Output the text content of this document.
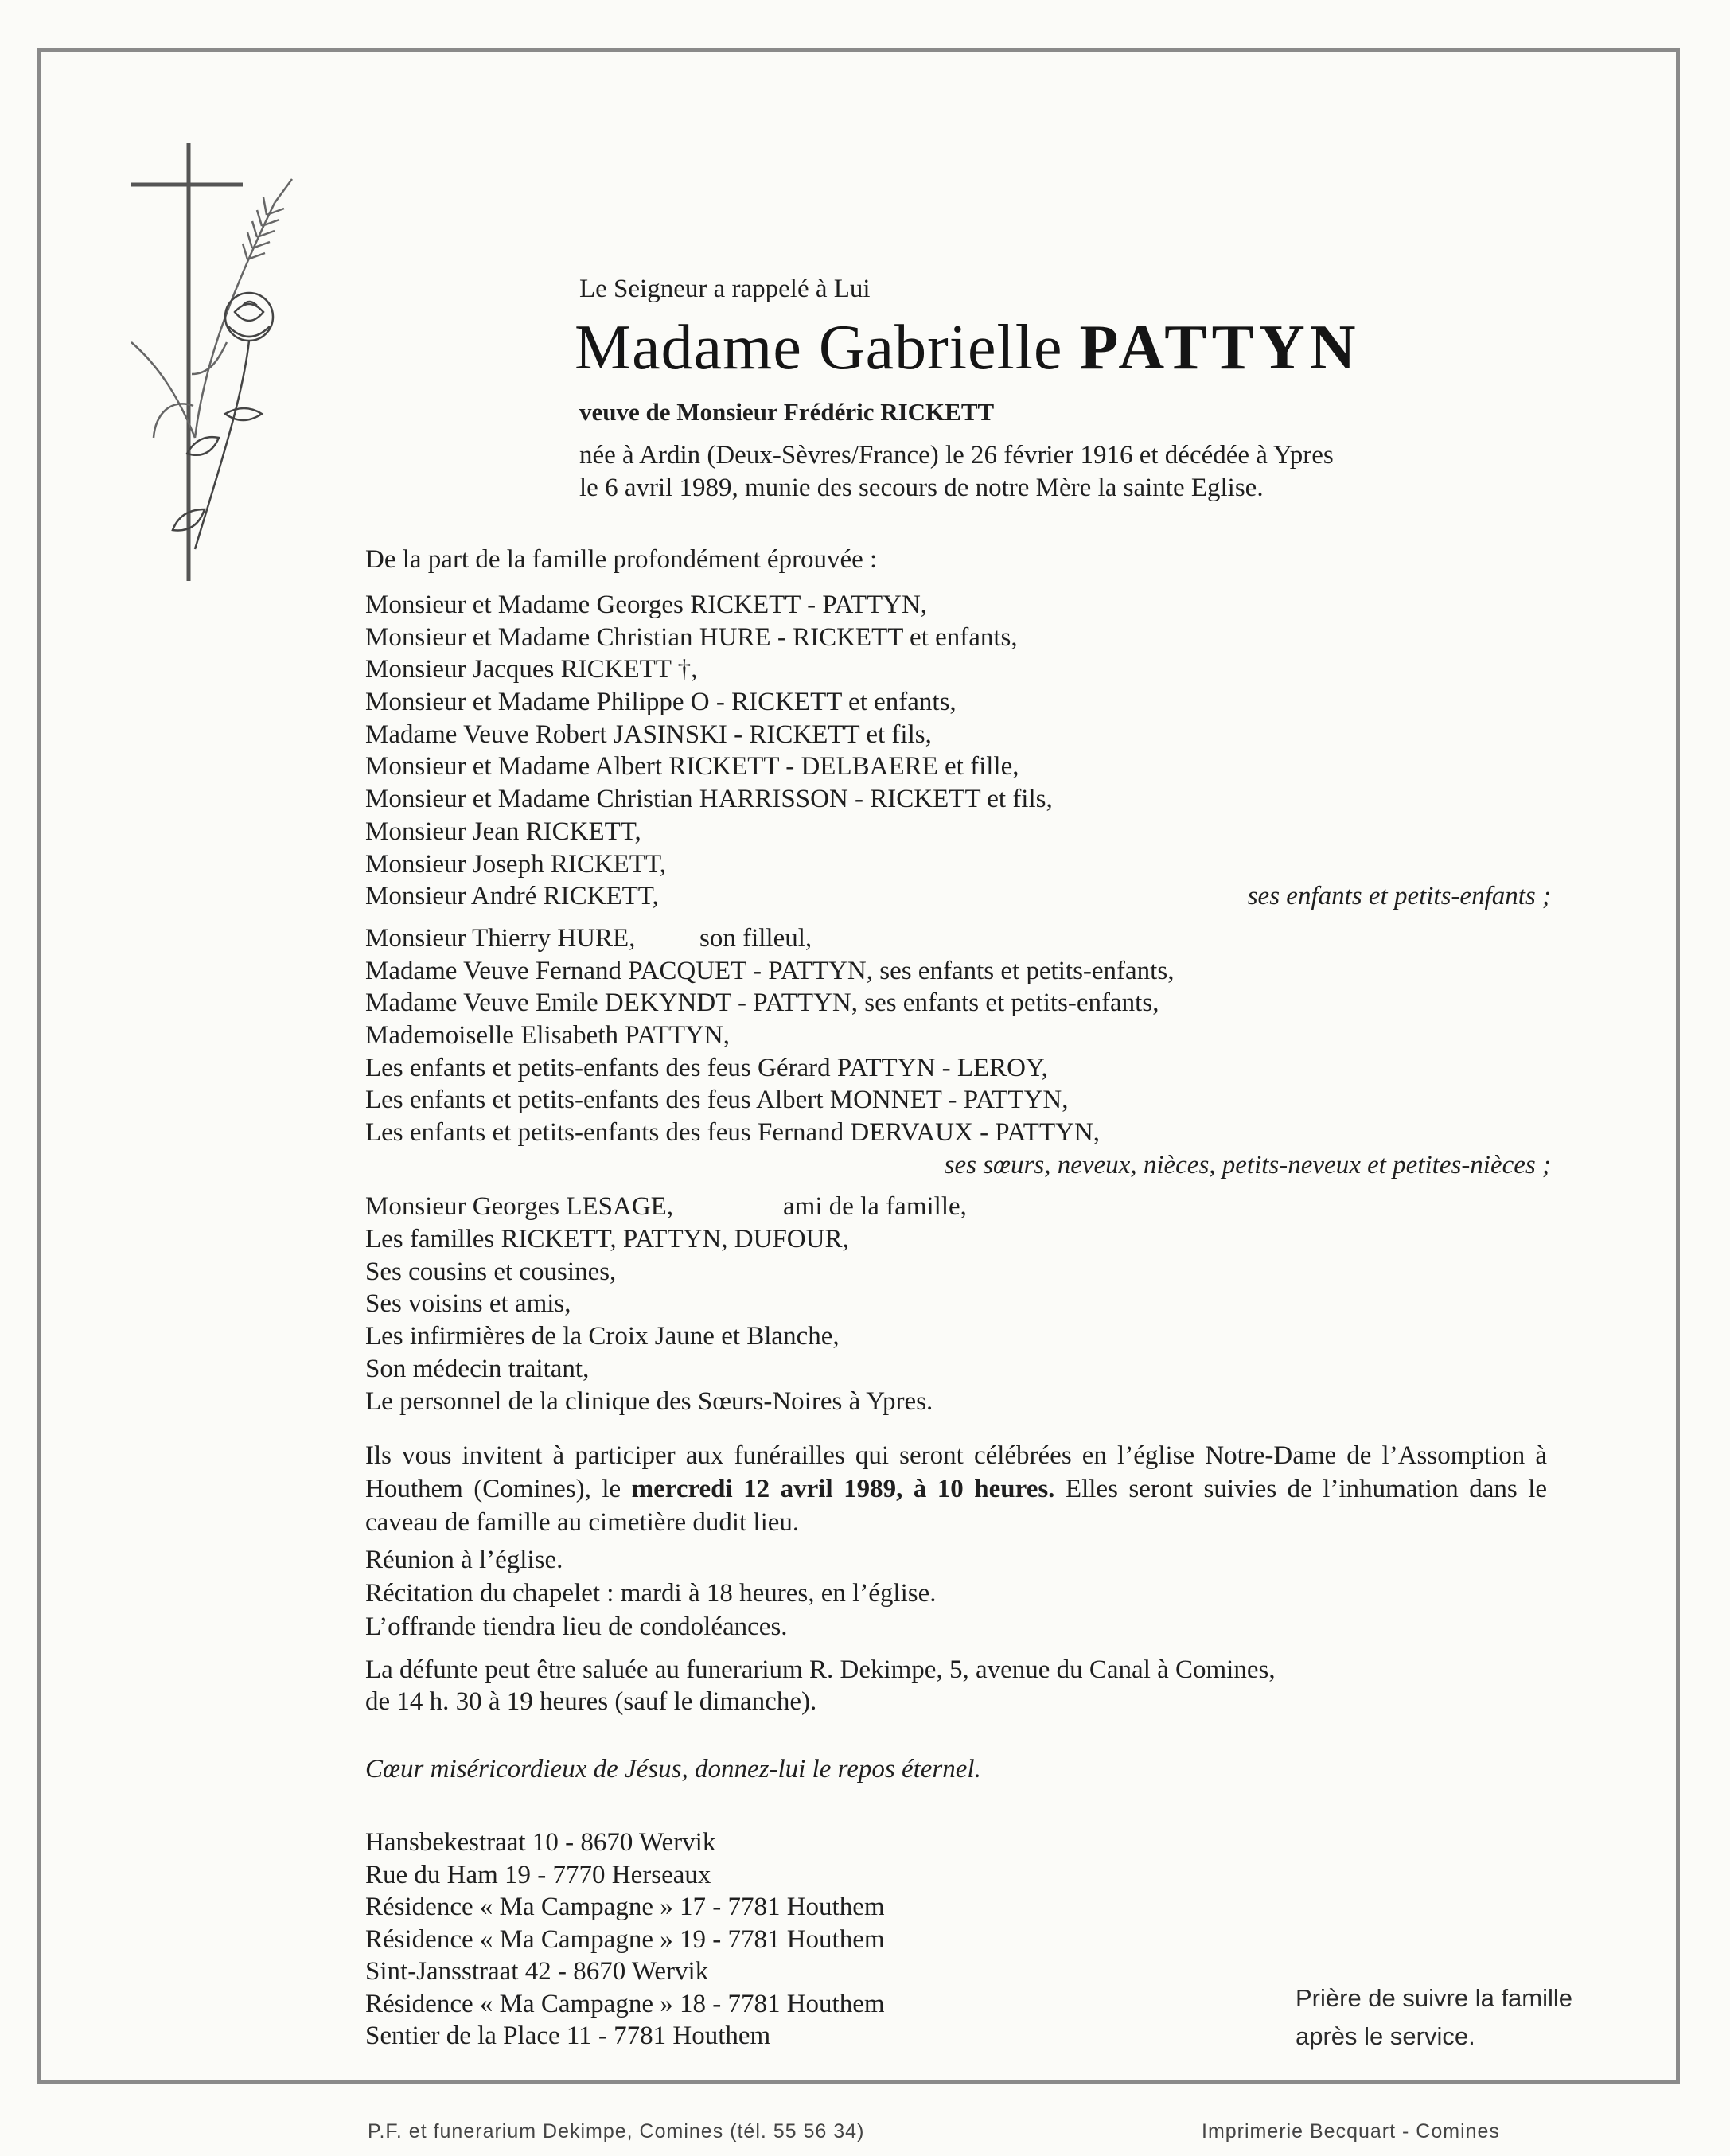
Le Seigneur a rappelé à Lui
Madame Gabrielle PATTYN
veuve de Monsieur Frédéric RICKETT
née à Ardin (Deux-Sèvres/France) le 26 février 1916 et décédée à Ypres
le 6 avril 1989, munie des secours de notre Mère la sainte Eglise.
De la part de la famille profondément éprouvée :
Monsieur et Madame Georges RICKETT - PATTYN,
Monsieur et Madame Christian HURE - RICKETT et enfants,
Monsieur Jacques RICKETT †,
Monsieur et Madame Philippe O - RICKETT et enfants,
Madame Veuve Robert JASINSKI - RICKETT et fils,
Monsieur et Madame Albert RICKETT - DELBAERE et fille,
Monsieur et Madame Christian HARRISSON - RICKETT et fils,
Monsieur Jean RICKETT,
Monsieur Joseph RICKETT,
Monsieur André RICKETT,	ses enfants et petits-enfants ;
Monsieur Thierry HURE, son filleul,
Madame Veuve Fernand PACQUET - PATTYN, ses enfants et petits-enfants,
Madame Veuve Emile DEKYNDT - PATTYN, ses enfants et petits-enfants,
Mademoiselle Elisabeth PATTYN,
Les enfants et petits-enfants des feus Gérard PATTYN - LEROY,
Les enfants et petits-enfants des feus Albert MONNET - PATTYN,
Les enfants et petits-enfants des feus Fernand DERVAUX - PATTYN,
ses sœurs, neveux, nièces, petits-neveux et petites-nièces ;
Monsieur Georges LESAGE,	ami de la famille,
Les familles RICKETT, PATTYN, DUFOUR,
Ses cousins et cousines,
Ses voisins et amis,
Les infirmières de la Croix Jaune et Blanche,
Son médecin traitant,
Le personnel de la clinique des Sœurs-Noires à Ypres.
Ils vous invitent à participer aux funérailles qui seront célébrées en l’église Notre-Dame de l’Assomption à Houthem (Comines), le mercredi 12 avril 1989, à 10 heures. Elles seront suivies de l’inhumation dans le caveau de famille au cimetière dudit lieu.
Réunion à l’église.
Récitation du chapelet : mardi à 18 heures, en l’église.
L’offrande tiendra lieu de condoléances.
La défunte peut être saluée au funerarium R. Dekimpe, 5, avenue du Canal à Comines,
de 14 h. 30 à 19 heures (sauf le dimanche).
Cœur miséricordieux de Jésus, donnez-lui le repos éternel.
Hansbekestraat 10 - 8670 Wervik
Rue du Ham 19 - 7770 Herseaux
Résidence « Ma Campagne » 17 - 7781 Houthem
Résidence « Ma Campagne » 19 - 7781 Houthem
Sint-Jansstraat 42 - 8670 Wervik
Résidence « Ma Campagne » 18 - 7781 Houthem
Sentier de la Place 11 - 7781 Houthem
Prière de suivre la famille
après le service.
P.F. et funerarium Dekimpe, Comines (tél. 55 56 34)	Imprimerie Becquart - Comines
